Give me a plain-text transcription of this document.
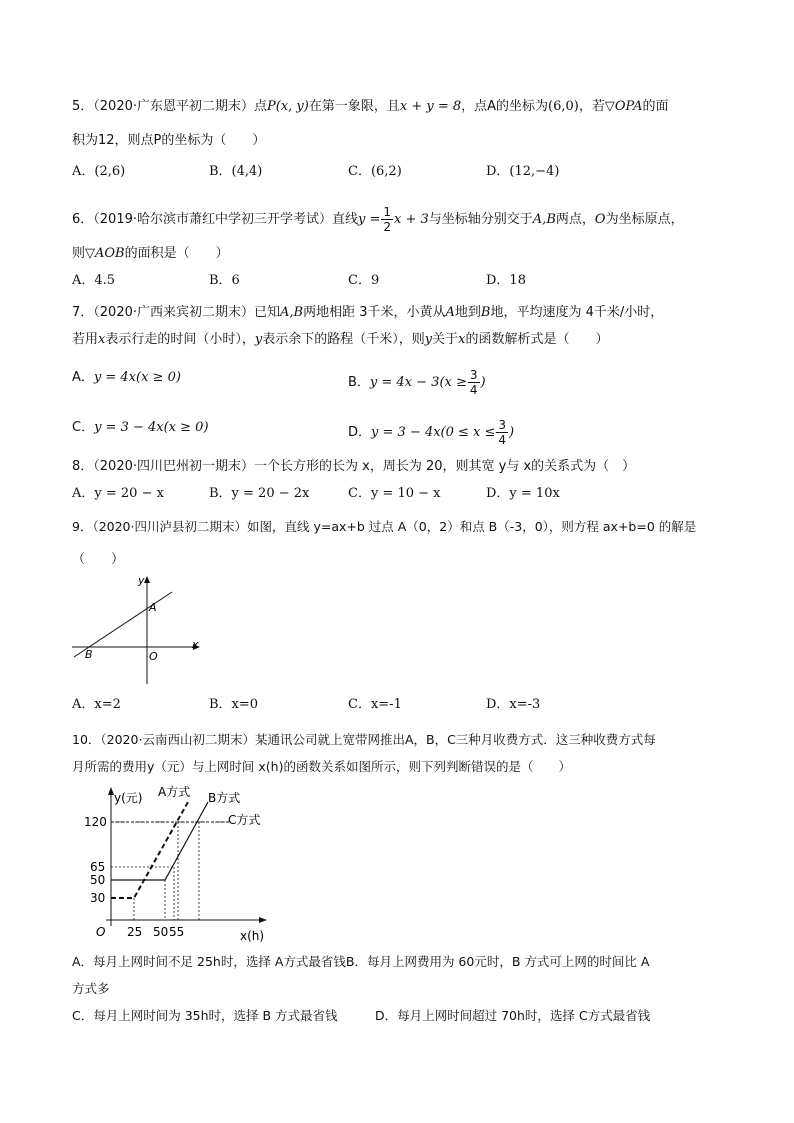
5．（2020·广东恩平初二期末）点P(x, y)在第一象限，且x + y = 8，点A的坐标为(6,0)，若▽OPA的面
积为12，则点P的坐标为（　　）
A．(2,6)	B．(4,4)	C．(6,2)	D．(12,−4)
6．（2019·哈尔滨市萧红中学初三开学考试）直线$y = \frac{1}{2}$ x + 3与坐标轴分别交于A,B两点，O为坐标原点，
则▽AOB的面积是（　　）
A．4.5	B．6	C．9	D．18
7．（2020·广西来宾初二期末）已知A,B两地相距 3千米，小黄从A地到B地，平均速度为 4千米/小时，
若用x表示行走的时间（小时），y表示余下的路程（千米），则y关于x的函数解析式是（　　）
A．y = 4x(x ≥ 0)	B．$y = 4x - 3(x \ge \frac{3}{4}$ )
C．y = 3 − 4x(x ≥ 0)	D．$y = 3 - 4x(0 \le x \le \frac{3}{4}$ )
8．（2020·四川巴州初一期末）一个长方形的长为 x，周长为 20，则其宽 y与 x的关系式为（　）
A．y = 20 − x	B．y = 20 − 2x	C．y = 10 − x	D．y = 10x
9．（2020·四川泸县初二期末）如图，直线 y=ax+b 过点 A（0，2）和点 B（-3，0），则方程 ax+b=0 的解是
（　　）
y
x
A
B	O
A．x=2	B．x=0	C．x=-1	D．x=-3
10．（2020·云南西山初二期末）某通讯公司就上宽带网推出A，B，C三种月收费方式．这三种收费方式每
月所需的费用y（元）与上网时间 x(h)的函数关系如图所示，则下列判断错误的是（　　）
y(元) A方式 B方式
C方式
120
65
50
30
O 25 50 55	x(h)
A．每月上网时间不足 25h时，选择 A方式最省钱B．每月上网费用为 60元时，B 方式可上网的时间比 A
方式多
C．每月上网时间为 35h时，选择 B 方式最省钱	D．每月上网时间超过 70h时，选择 C方式最省钱
